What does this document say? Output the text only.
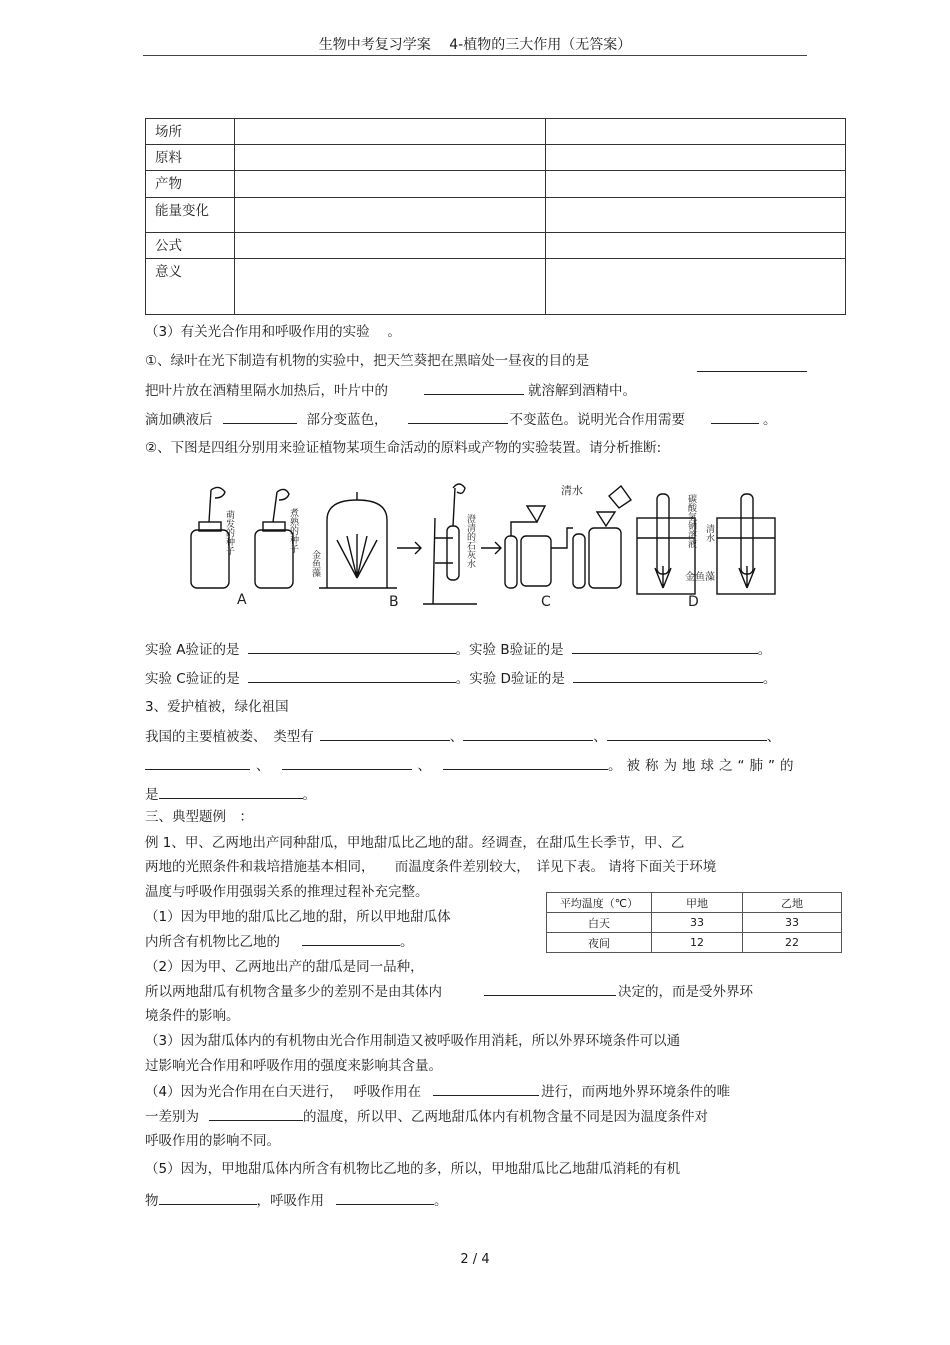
生物中考复习学案　 4-植物的三大作用（无答案）
场所		
原料		
产物		
能量变化		
公式		
意义		
（3）有关光合作用和呼吸作用的实验　 。
①、绿叶在光下制造有机物的实验中，把天竺葵把在黑暗处一昼夜的目的是
把叶片放在酒精里隔水加热后，叶片中的	就溶解到酒精中。
滴加碘液后	部分变蓝色，	不变蓝色。说明光合作用需要	。
②、下图是四组分别用来验证植物某项生命活动的原料或产物的实验装置。请分析推断:
萌发的种子	煮熟的种子
金鱼藻	澄清的石灰水	碳酸氢钠溶液 清水
清水
金鱼藻
A	B	C	D
实验 A验证的是	。实验 B验证的是	。
实验 C验证的是	。实验 D验证的是	。
3、爱护植被，绿化祖国
我国的主要植被娄、　类型有	、	、	、
、	、	。被称为地球之“肺”的
是	。
三、典型题例　：
例 1、甲、乙两地出产同种甜瓜，甲地甜瓜比乙地的甜。经调查，在甜瓜生长季节，甲、乙
两地的光照条件和栽培措施基本相同，　　而温度条件差别较大，　详见下表。 请将下面关于环境
温度与呼吸作用强弱关系的推理过程补充完整。
（1）因为甲地的甜瓜比乙地的甜，所以甲地甜瓜体
内所含有机物比乙地的	。
平均温度（℃）	甲地	乙地
白天	33	33
夜间	12	22
（2）因为甲、乙两地出产的甜瓜是同一品种，
所以两地甜瓜有机物含量多少的差别不是由其体内	决定的，而是受外界环
境条件的影响。
（3）因为甜瓜体内的有机物由光合作用制造又被呼吸作用消耗，所以外界环境条件可以通
过影响光合作用和呼吸作用的强度来影响其含量。
（4）因为光合作用在白天进行，　 呼吸作用在	进行，而两地外界环境条件的唯
一差别为	的温度，所以甲、乙两地甜瓜体内有机物含量不同是因为温度条件对
呼吸作用的影响不同。
（5）因为，甲地甜瓜体内所含有机物比乙地的多，所以，甲地甜瓜比乙地甜瓜消耗的有机
物	，呼吸作用	。
2 / 4
